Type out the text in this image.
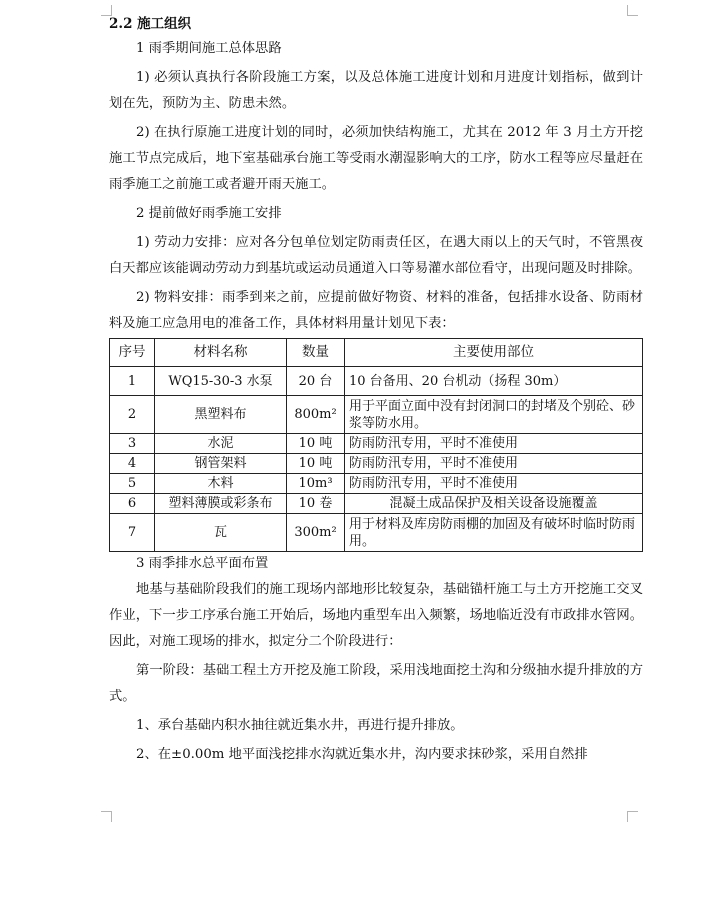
2.2 施工组织

1 雨季期间施工总体思路

1) 必须认真执行各阶段施工方案，以及总体施工进度计划和月进度计划指标，做到计划在先，预防为主、防患未然。

2) 在执行原施工进度计划的同时，必须加快结构施工，尤其在 2012 年 3 月土方开挖施工节点完成后，地下室基础承台施工等受雨水潮湿影响大的工序，防水工程等应尽量赶在雨季施工之前施工或者避开雨天施工。

2 提前做好雨季施工安排

1) 劳动力安排：应对各分包单位划定防雨责任区，在遇大雨以上的天气时，不管黑夜白天都应该能调动劳动力到基坑或运动员通道入口等易灌水部位看守，出现问题及时排除。

2) 物料安排：雨季到来之前，应提前做好物资、材料的准备，包括排水设备、防雨材料及施工应急用电的准备工作，具体材料用量计划见下表：

序号	材料名称	数量	主要使用部位
1	WQ15-30-3 水泵	20 台	10 台备用、20 台机动（扬程 30m）
2	黑塑料布	800m²	用于平面立面中没有封闭洞口的封堵及个别砼、砂浆等防水用。
3	水泥	10 吨	防雨防汛专用，平时不准使用
4	钢管架料	10 吨	防雨防汛专用，平时不准使用
5	木料	10m³	防雨防汛专用，平时不准使用
6	塑料薄膜或彩条布	10 卷	混凝土成品保护及相关设备设施覆盖
7	瓦	300m²	用于材料及库房防雨棚的加固及有破坏时临时防雨用。

3 雨季排水总平面布置

地基与基础阶段我们的施工现场内部地形比较复杂，基础锚杆施工与土方开挖施工交叉作业，下一步工序承台施工开始后，场地内重型车出入频繁，场地临近没有市政排水管网。因此，对施工现场的排水，拟定分二个阶段进行：

第一阶段：基础工程土方开挖及施工阶段，采用浅地面挖土沟和分级抽水提升排放的方式。

1、承台基础内积水抽往就近集水井，再进行提升排放。

2、在±0.00m 地平面浅挖排水沟就近集水井，沟内要求抹砂浆，采用自然排
